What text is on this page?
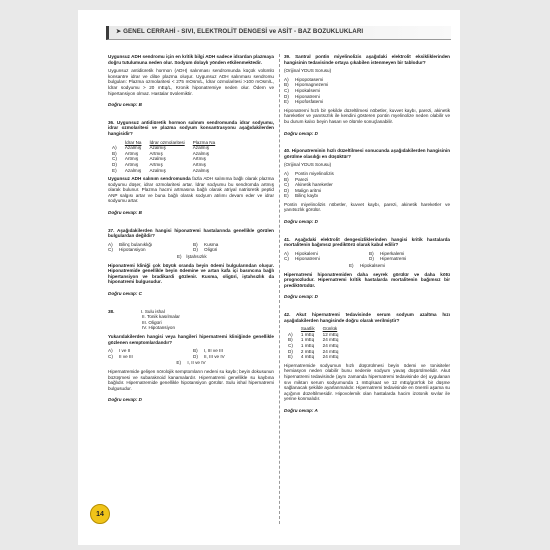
➤ GENEL CERRAHİ - SIVI, ELEKTROLİT DENGESİ ve ASİT - BAZ BOZUKLUKLARI

Uygunsuz ADH sendromu için en kritik bilgi ADH sadece idrardan plazmaya doğru tutulumuna neden olur. Sodyum dolaylı yönden etkilenmektedir.

Uygunsuz antidiüretik hormon (ADH) salınması sendromunda küçük volümlü konsantre idrar ve dilüe plazma oluşur. Uygunsuz ADH salınması sendromu bulguları: Plazma ozmolaritesi < 275 mOsm/L, İdrar ozmolaritesi >100 mOsm/L, İdrar sodyumu > 20 mEq/L, Kronik hiponatremiye neden olur. Ödem ve hipertansiyon olmaz. Hastalar övolemiktir.

Doğru cevap: B
36. Uygunsuz antidiüretik hormon salınım sendromunda idrar sodyumu, idrar ozmolaritesi ve plazma sodyum konsantrasyonu aşağıdakilerden hangisidir?
	İdrar Na	İdrar ozmolaritesi	Plazma Na
A)	Azalmış	Azalmış	Azalmış
B)	Artmış	Artmış	Azalmış
C)	Artmış	Azalmış	Artmış
D)	Artmış	Artmış	Artmış
E)	Azalmış	Azalmış	Azalmış

Uygunsuz ADH salınım sendromunda fazla ADH salınıma bağlı olarak plazma sodyumu düşer, idrar ozmolaritesi artar. İdrar sodyumu bu sendromda artmış olarak bulunur. Plazma hacmi artmasına bağlı olarak atriyal natriüretik peptid ANP salgısı artar ve buna bağlı olarak sodyum atılımı devam eder ve idrar sodyumu artar.

Doğru cevap: B
37. Aşağıdakilerden hangisi hiponatremi hastalarında genellikle görülen bulgulardan değildir?
A)	Bilinç bulanıklığı	B)	Kusma
C)	Hipotansiyon	D)	Oligüri
E)	İştahsızlık

Hiponatremi kliniği çok büyük oranda beyin ödemi bulgularından oluşur. Hiponatremide genellikle beyin ödemine ve artan kafa içi basıncına bağlı hipertansiyon ve bradikardi gözlenir. Kusma, oligüri, iştahsızlık da hiponatremi bulgusudur.

Doğru cevap: C
38.	I. Sulu ishal
II. Tonik kasılmalar
III. Oligüri
IV. Hipotansiyon
Yukarıdakilerden hangisi veya hangileri hipernatremi kliniğinde genellikle gözlenen semptomlardandır?
A)	I ve II	B)	I, III ve III
C)	II ve III	D)	II, III ve IV
E)	I, II ve IV

Hipernatremide gelişen nörolojik semptomların nedeni su kaybı; beyin dokusunun büzüşmesi ve subaraknoid kanamalardır. Hipernatremi genellikle su kaybına bağlıdır. Hipernatremide genellikle hipotansiyon görülür. Sulu ishal hipernatremi bulgusudur.

Doğru cevap: D
39. Santral pontin miyelinolizis aşağıdaki elektrolit eksikliklerinden hangisinin tedavisinde ortaya çıkabilen istenmeyen bir tablodur?

(Orijinal YDUS Sorusu)

A)	Hipopotasemi
B)	Hipomagnezemi
C)	Hipokalsemi
D)	Hiponatremi
E)	Hipofosfatemi

Hiponatremi hızlı bir şekilde düzeltilmesi nöbetler, kuvvet kaybı, parezi, akinetik hareketler ve yanıtsızlık ile kendini gösteren pontin myelinolize neden olabilir ve bu durum kalıcı beyin hasarı ve ölümle sonuçlanabilir.

Doğru cevap: D
40. Hiponatreminin hızlı düzeltilmesi sonucunda aşağıdakilerden hangisinin görülme olasılığı en düşüktür?

(Orijinal YDUS Sorusu)

A)	Pontin miyelinolizis
B)	Parezi
C)	Akinetik hareketler
D)	Malign aritmi
E)	Bilinç kaybı

Pontin miyelinolizis nöbetler, kuvvet kaybı, parezi, akinetik hareketler ve yanıtsızlık görülür.

Doğru cevap: D
41. Aşağıdaki elektrolit dengesizliklerinden hangisi kritik hastalarda mortalitenin bağımsız prediktörü olarak kabul edilir?
A)	Hipokalemi	B)	Hiperkalemi
C)	Hiponatremi	D)	Hipernatremi
E)	Hipokalsemi

Hipernatremi hiponatremiden daha seyrek görülür ve daha kötü prognozludur. Hipernatremi kritik hastalarda mortalitenin bağımsız bir prediktörüdür.

Doğru cevap: D
42. Akut hipernatremi tedavisinde serum sodyum azaltma hızı aşağıdakilerden hangisinde doğru olarak verilmiştir?
	Saatlik	Günlük
A)	1 mEq	12 mEq
B)	1 mEq	24 mEq
C)	1 mEq	24 mEq
D)	2 mEq	24 mEq
E)	4 mEq	24 mEq

Hipernatremide sodyumun hızlı düşürülmesi beyin ödemi ve tonisiteler hemiasyon neden olabilir bunu nedenle sodyum yavaş düşürülmelidir. Akut hipernatremi tedavisinde (aynı zamanda hipernatremi tedavisinde de) uygulanan sıvı miktarı serum sodyumunda 1 mEq/saat ve 12 mEq/gün'lük bir düşme sağlanacak şekilde ayarlanmalıdır. Hipernatremi tedavisinde en önemli aşama su açığının düzeltilmesidir. Hipovolemik olan hastalarda hacim izotonik sıvılar ile yerine konmalıdır.

Doğru cevap: A
14
